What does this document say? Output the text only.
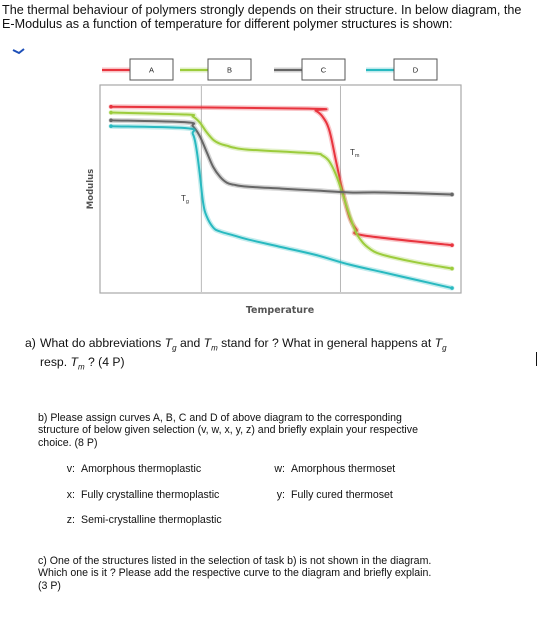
The thermal behaviour of polymers strongly depends on their structure. In below diagram, the E-Modulus as a function of temperature for different polymer structures is shown:

A	B	C	D
$T_g$
$T_m$
Modulus
Temperature
a) What do abbreviations $T_g$ and $T_m$ stand for ? What in general happens at $T_g$
resp. $T_m$ ? (4 P)

b) Please assign curves A, B, C and D of above diagram to the corresponding structure of below given selection (v, w, x, y, z) and briefly explain your respective choice. (8 P)

v: Amorphous thermoplastic	w: Amorphous thermoset
x: Fully crystalline thermoplastic	y: Fully cured thermoset
z: Semi-crystalline thermoplastic

c) One of the structures listed in the selection of task b) is not shown in the diagram. Which one is it ? Please add the respective curve to the diagram and briefly explain. (3 P)
